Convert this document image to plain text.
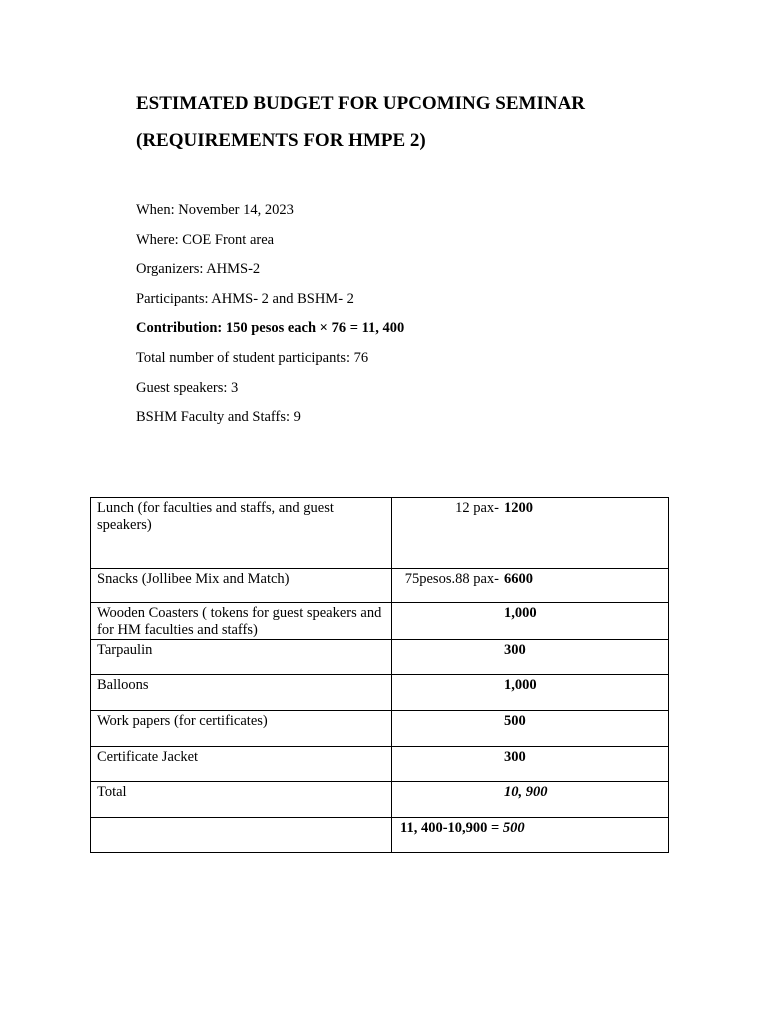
ESTIMATED BUDGET FOR UPCOMING SEMINAR
(REQUIREMENTS FOR HMPE 2)
When: November 14, 2023
Where: COE Front area
Organizers: AHMS-2
Participants: AHMS- 2 and BSHM- 2
Contribution: 150 pesos each × 76 = 11, 400
Total number of student participants: 76
Guest speakers: 3
BSHM Faculty and Staffs: 9
Lunch (for faculties and staffs, and guest speakers)	12 pax- 1200

Snacks (Jollibee Mix and Match)	75pesos.88 pax- 6600

Wooden Coasters ( tokens for guest speakers and for HM faculties and staffs)	1,000

Tarpaulin	300

Balloons	1,000

Work papers (for certificates)	500

Certificate Jacket	300

Total	10, 900

	11, 400-10,900 = 500
